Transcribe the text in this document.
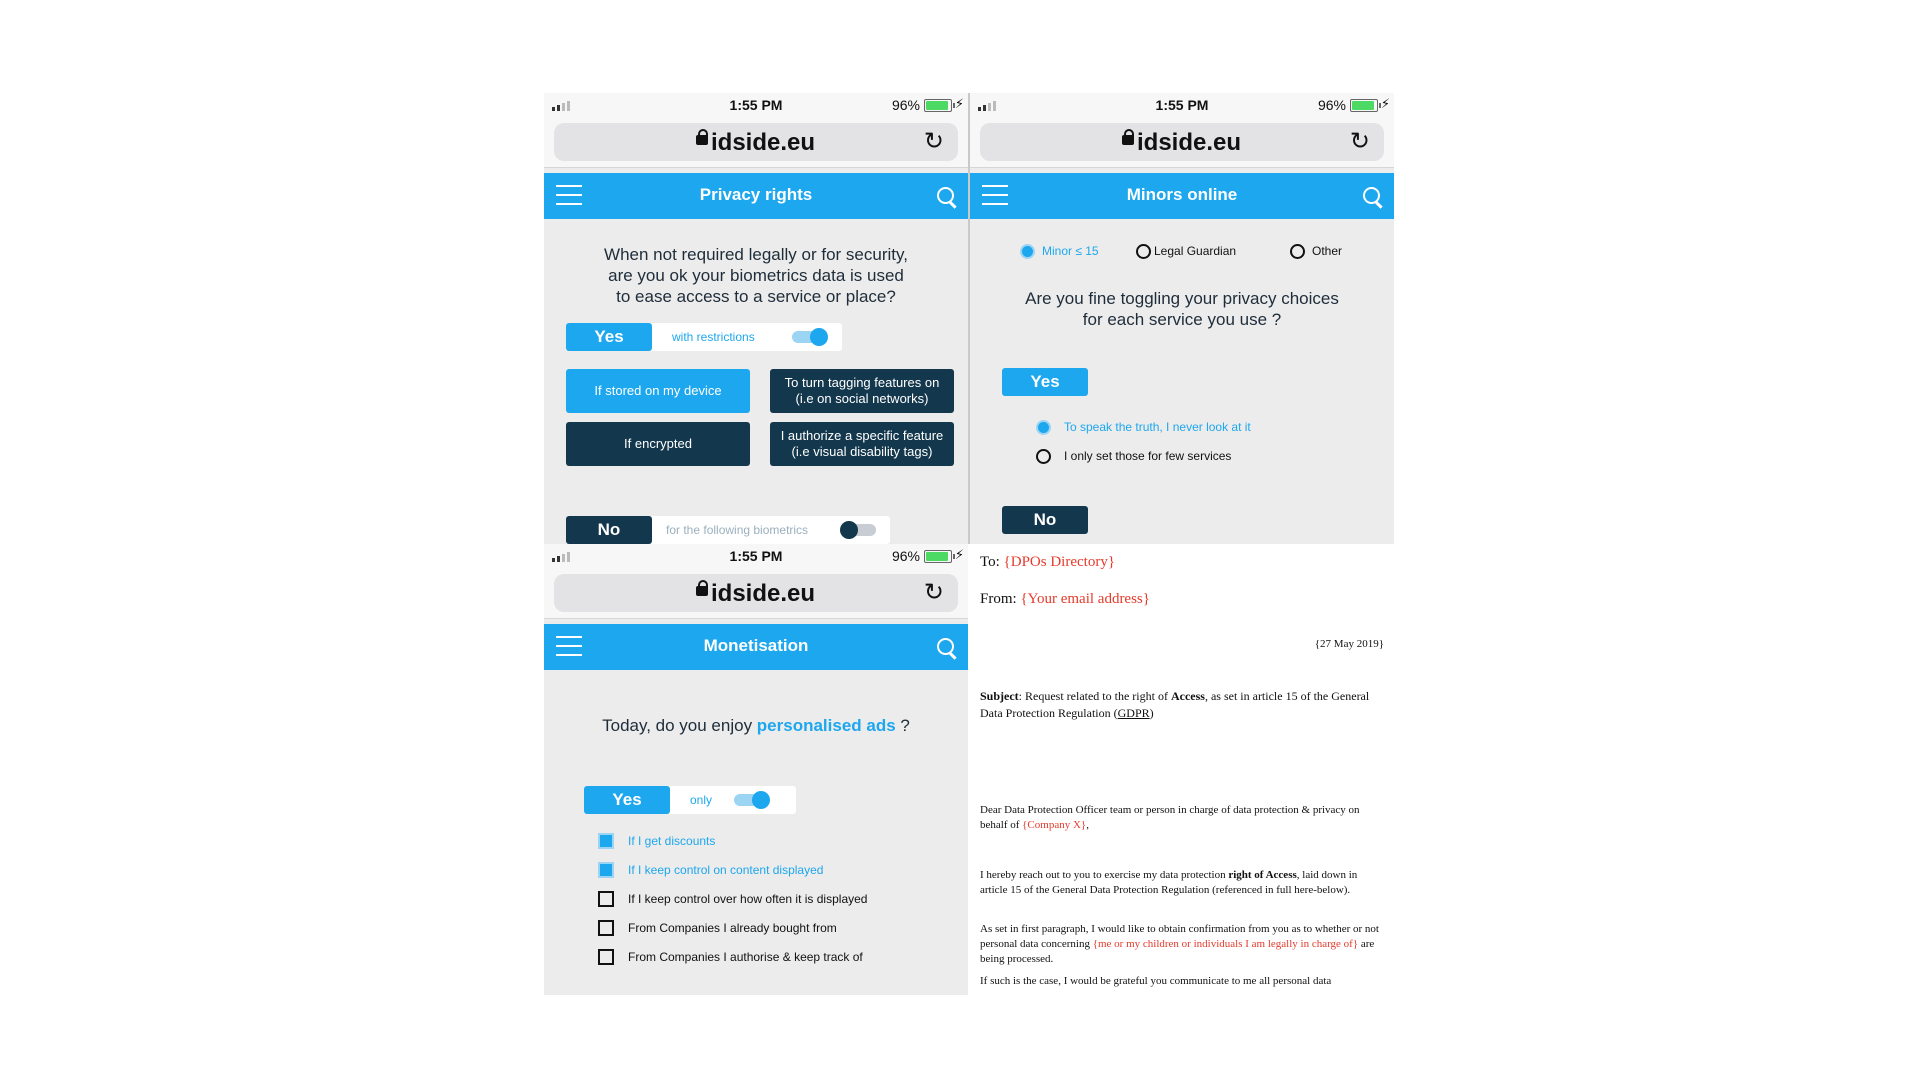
1:55 PM	96%	⚡
idside.eu	↻
Privacy rights
When not required legally or for security,
are you ok your biometrics data is used
to ease access to a service or place?
Yes	with restrictions
If stored on my device
To turn tagging features on
(i.e on social networks)
If encrypted
I authorize a specific feature
(i.e visual disability tags)
No	for the following biometrics
1:55 PM	96%	⚡
idside.eu	↻
Minors online
Minor ≤ 15	Legal Guardian	Other
Are you fine toggling your privacy choices
for each service you use ?
Yes
To speak the truth, I never look at it
I only set those for few services
No
1:55 PM	96%	⚡
idside.eu	↻
Monetisation
Today, do you enjoy personalised ads ?
Yes	only
If I get discounts
If I keep control on content displayed
If I keep control over how often it is displayed
From Companies I already bought from
From Companies I authorise & keep track of
To: {DPOs Directory}
From: {Your email address}
{27 May 2019}
Subject: Request related to the right of Access, as set in article 15 of the General Data Protection Regulation (GDPR)
Dear Data Protection Officer team or person in charge of data protection & privacy on behalf of {Company X},
I hereby reach out to you to exercise my data protection right of Access, laid down in article 15 of the General Data Protection Regulation (referenced in full here-below).
As set in first paragraph, I would like to obtain confirmation from you as to whether or not personal data concerning {me or my children or individuals I am legally in charge of} are being processed.
If such is the case, I would be grateful you communicate to me all personal data
